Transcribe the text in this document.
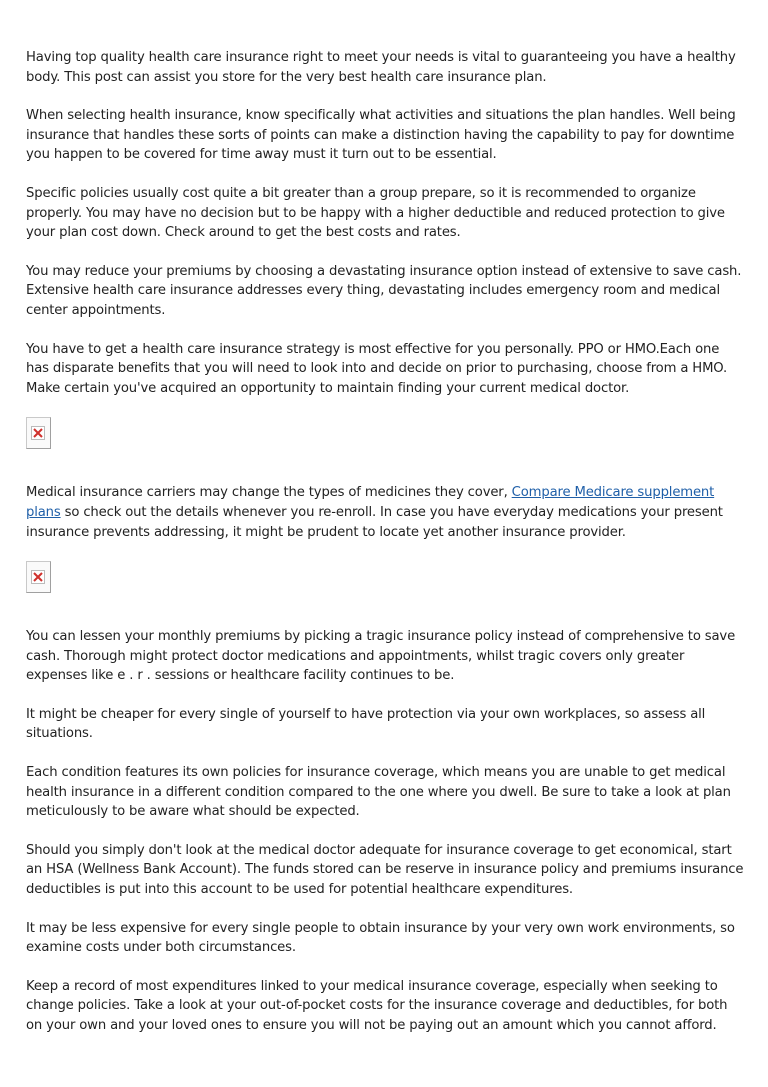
Having top quality health care insurance right to meet your needs is vital to guaranteeing you have a healthy body. This post can assist you store for the very best health care insurance plan.

When selecting health insurance, know specifically what activities and situations the plan handles. Well being insurance that handles these sorts of points can make a distinction having the capability to pay for downtime you happen to be covered for time away must it turn out to be essential.

Specific policies usually cost quite a bit greater than a group prepare, so it is recommended to organize properly. You may have no decision but to be happy with a higher deductible and reduced protection to give your plan cost down. Check around to get the best costs and rates.

You may reduce your premiums by choosing a devastating insurance option instead of extensive to save cash. Extensive health care insurance addresses every thing, devastating includes emergency room and medical center appointments.

You have to get a health care insurance strategy is most effective for you personally. PPO or HMO.Each one has disparate benefits that you will need to look into and decide on prior to purchasing, choose from a HMO. Make certain you've acquired an opportunity to maintain finding your current medical doctor.

Medical insurance carriers may change the types of medicines they cover, Compare Medicare supplement plans so check out the details whenever you re-enroll. In case you have everyday medications your present insurance prevents addressing, it might be prudent to locate yet another insurance provider.

You can lessen your monthly premiums by picking a tragic insurance policy instead of comprehensive to save cash. Thorough might protect doctor medications and appointments, whilst tragic covers only greater expenses like e . r . sessions or healthcare facility continues to be.

It might be cheaper for every single of yourself to have protection via your own workplaces, so assess all situations.

Each condition features its own policies for insurance coverage, which means you are unable to get medical health insurance in a different condition compared to the one where you dwell. Be sure to take a look at plan meticulously to be aware what should be expected.

Should you simply don't look at the medical doctor adequate for insurance coverage to get economical, start an HSA (Wellness Bank Account). The funds stored can be reserve in insurance policy and premiums insurance deductibles is put into this account to be used for potential healthcare expenditures.

It may be less expensive for every single people to obtain insurance by your very own work environments, so examine costs under both circumstances.

Keep a record of most expenditures linked to your medical insurance coverage, especially when seeking to change policies. Take a look at your out-of-pocket costs for the insurance coverage and deductibles, for both on your own and your loved ones to ensure you will not be paying out an amount which you cannot afford.
